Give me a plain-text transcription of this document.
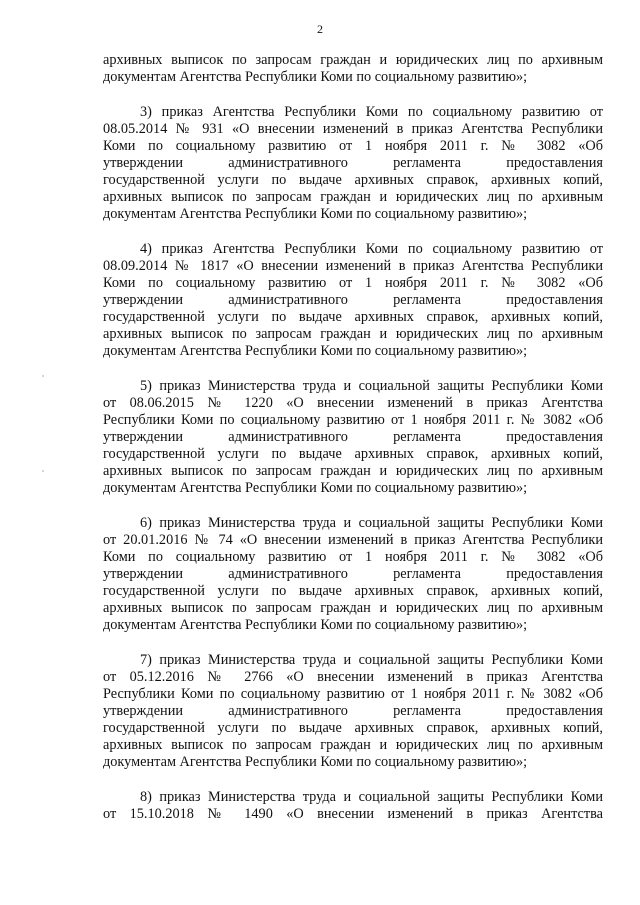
2
архивных выписок по запросам граждан и юридических лиц по архивным
документам Агентства Республики Коми по социальному развитию»;
3) приказ Агентства Республики Коми по социальному развитию от
08.05.2014 № 931 «О внесении изменений в приказ Агентства Республики
Коми по социальному развитию от 1 ноября 2011 г. № 3082 «Об
утверждении административного регламента предоставления
государственной услуги по выдаче архивных справок, архивных копий,
архивных выписок по запросам граждан и юридических лиц по архивным
документам Агентства Республики Коми по социальному развитию»;
4) приказ Агентства Республики Коми по социальному развитию от
08.09.2014 № 1817 «О внесении изменений в приказ Агентства Республики
Коми по социальному развитию от 1 ноября 2011 г. № 3082 «Об
утверждении административного регламента предоставления
государственной услуги по выдаче архивных справок, архивных копий,
архивных выписок по запросам граждан и юридических лиц по архивным
документам Агентства Республики Коми по социальному развитию»;
5) приказ Министерства труда и социальной защиты Республики Коми
от 08.06.2015 № 1220 «О внесении изменений в приказ Агентства
Республики Коми по социальному развитию от 1 ноября 2011 г. № 3082 «Об
утверждении административного регламента предоставления
государственной услуги по выдаче архивных справок, архивных копий,
архивных выписок по запросам граждан и юридических лиц по архивным
документам Агентства Республики Коми по социальному развитию»;
6) приказ Министерства труда и социальной защиты Республики Коми
от 20.01.2016 № 74 «О внесении изменений в приказ Агентства Республики
Коми по социальному развитию от 1 ноября 2011 г. № 3082 «Об
утверждении административного регламента предоставления
государственной услуги по выдаче архивных справок, архивных копий,
архивных выписок по запросам граждан и юридических лиц по архивным
документам Агентства Республики Коми по социальному развитию»;
7) приказ Министерства труда и социальной защиты Республики Коми
от 05.12.2016 № 2766 «О внесении изменений в приказ Агентства
Республики Коми по социальному развитию от 1 ноября 2011 г. № 3082 «Об
утверждении административного регламента предоставления
государственной услуги по выдаче архивных справок, архивных копий,
архивных выписок по запросам граждан и юридических лиц по архивным
документам Агентства Республики Коми по социальному развитию»;
8) приказ Министерства труда и социальной защиты Республики Коми
от 15.10.2018 № 1490 «О внесении изменений в приказ Агентства
